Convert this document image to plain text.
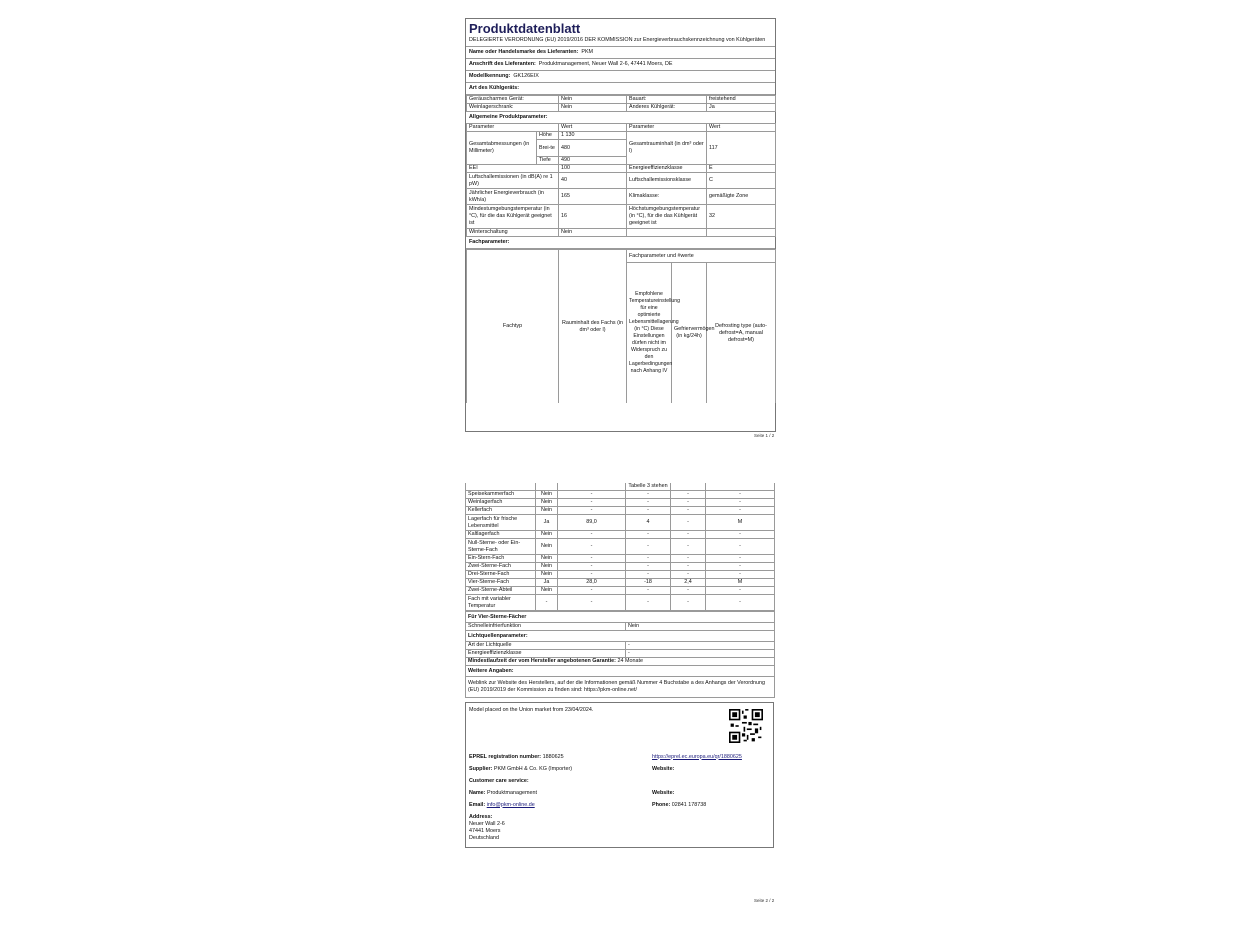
Produktdatenblatt
DELEGIERTE VERORDNUNG (EU) 2019/2016 DER KOMMISSION zur Energieverbrauchskennzeichnung von Kühlgeräten
Name oder Handelsmarke des Lieferanten: PKM
Anschrift des Lieferanten: Produktmanagement, Neuer Wall 2-6, 47441 Moers, DE
Modellkennung: GK126EIX
Art des Kühlgeräts:
Geräuscharmes Gerät:	Nein	Bauart:	freistehend
Weinlagerschrank:	Nein	Anderes Kühlgerät:	Ja
Allgemeine Produktparameter:
Parameter		Wert	Parameter	Wert
Gesamtabmessungen (in Millimeter)	Höhe	1 130	Gesamtrauminhalt (in dm³ oder l)	117
	Brei-te	480		
	Tiefe	490		
EEI		100	Energieeffizienzklasse	E
Luftschallemissionen (in dB(A) re 1 pW)		40	Luftschallemissionsklasse	C
Jährlicher Energieverbrauch (in kWh/a)		165	Klimaklasse:	gemäßigte Zone
Mindestumgebungstemperatur (in °C), für die das Kühlgerät geeignet ist		16	Höchstumgebungstemperatur (in °C), für die das Kühlgerät geeignet ist	32
Winterschaltung		Nein		
Fachparameter:
Fachtyp	Rauminhalt des Fachs (in dm³ oder l)	Fachparameter und #werte		
		Empfohlene Temperatureinstellung für eine optimierte Lebensmittellagerung (in °C) Diese Einstellungen dürfen nicht im Widerspruch zu den Lagerbedingungen nach Anhang IV	Gefriervermögen (in kg/24h)	Defrosting type (auto-defrost=A, manual defrost=M)
Seite 1 / 2
			Tabelle 3 stehen		
Speisekammerfach	Nein	-	-	-	-
Weinlagerfach	Nein	-	-	-	-
Kellerfach	Nein	-	-	-	-
Lagerfach für frische Lebensmittel	Ja	89,0	4	-	M
Kaltlagerfach	Nein	-	-	-	-
Null-Sterne- oder Ein-Sterne-Fach	Nein	-	-	-	-
Ein-Stern-Fach	Nein	-	-	-	-
Zwei-Sterne-Fach	Nein	-	-	-	-
Drei-Sterne-Fach	Nein	-	-	-	-
Vier-Sterne-Fach	Ja	28,0	-18	2,4	M
Zwei-Sterne-Abteil	Nein	-	-	-	-
Fach mit variabler Temperatur	-	-	-	-	-
Für Vier-Sterne-Fächer	
Schnelleinfrierfunktion	Nein
Lichtquellenparameter:	
Art der Lichtquelle	-
Energieeffizienzklasse	-
Mindestlaufzeit der vom Hersteller angebotenen Garantie: 24 Monate	
Weitere Angaben:	
Weblink zur Website des Herstellers, auf der die Informationen gemäß Nummer 4 Buchstabe a des Anhangs der Verordnung (EU) 2019/2019 der Kommission zu finden sind: https://pkm-online.net/	
Model placed on the Union market from 23/04/2024.
EPREL registration number: 1880625	https://eprel.ec.europa.eu/qr/1880625
Supplier: PKM GmbH & Co. KG (Importer)	Website:
Customer care service:	
Name: Produktmanagement	Website:
Email: info@pkm-online.de	Phone: 02841 178738

Address:
Neuer Wall 2-6
47441 Moers
Deutschland	

Seite 2 / 2
